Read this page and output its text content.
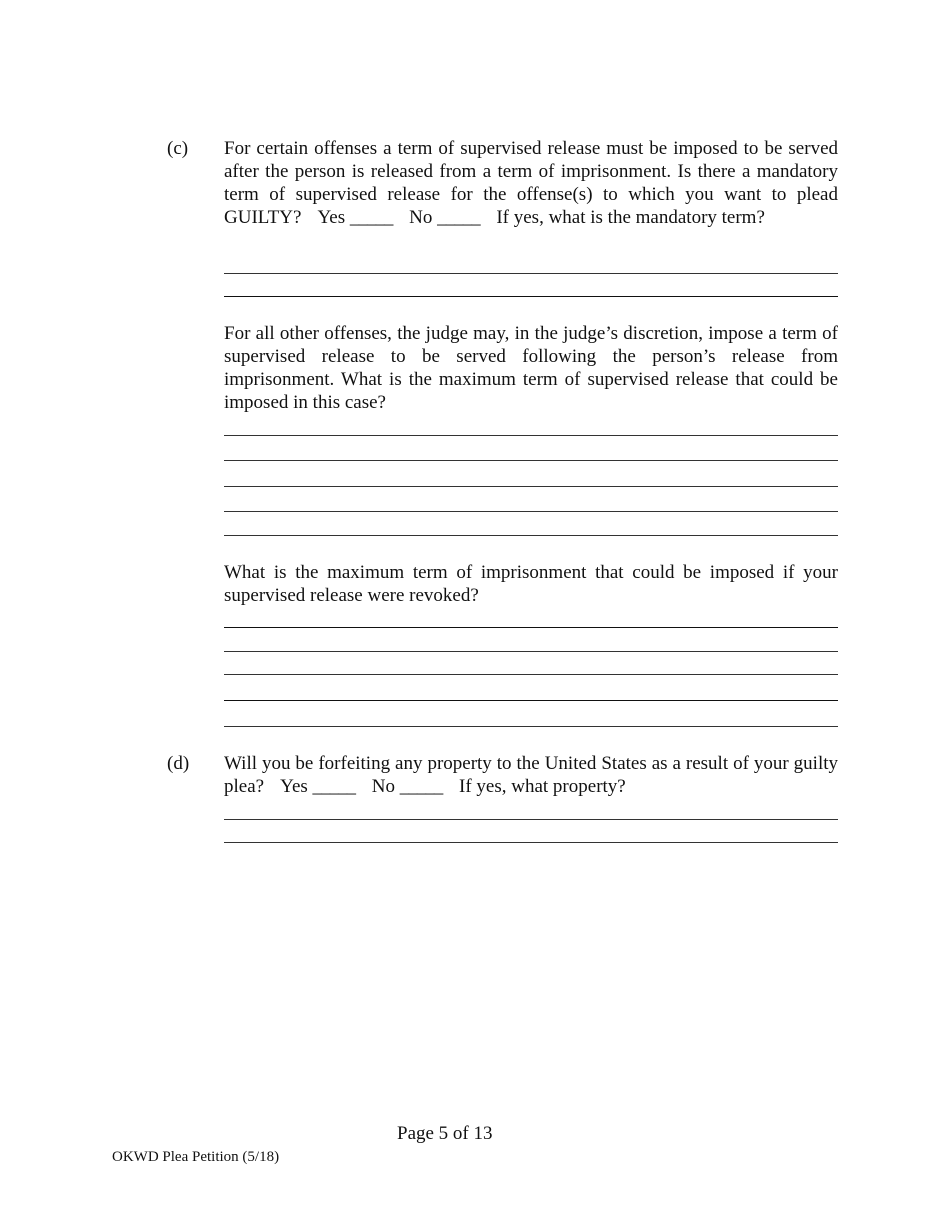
(c) For certain offenses a term of supervised release must be imposed to be served after the person is released from a term of imprisonment. Is there a mandatory term of supervised release for the offense(s) to which you want to plead GUILTY? Yes _____ No _____ If yes, what is the mandatory term?

For all other offenses, the judge may, in the judge’s discretion, impose a term of supervised release to be served following the person’s release from imprisonment. What is the maximum term of supervised release that could be imposed in this case?

What is the maximum term of imprisonment that could be imposed if your supervised release were revoked?

(d) Will you be forfeiting any property to the United States as a result of your guilty plea? Yes _____ No _____ If yes, what property?

Page 5 of 13
OKWD Plea Petition (5/18)
